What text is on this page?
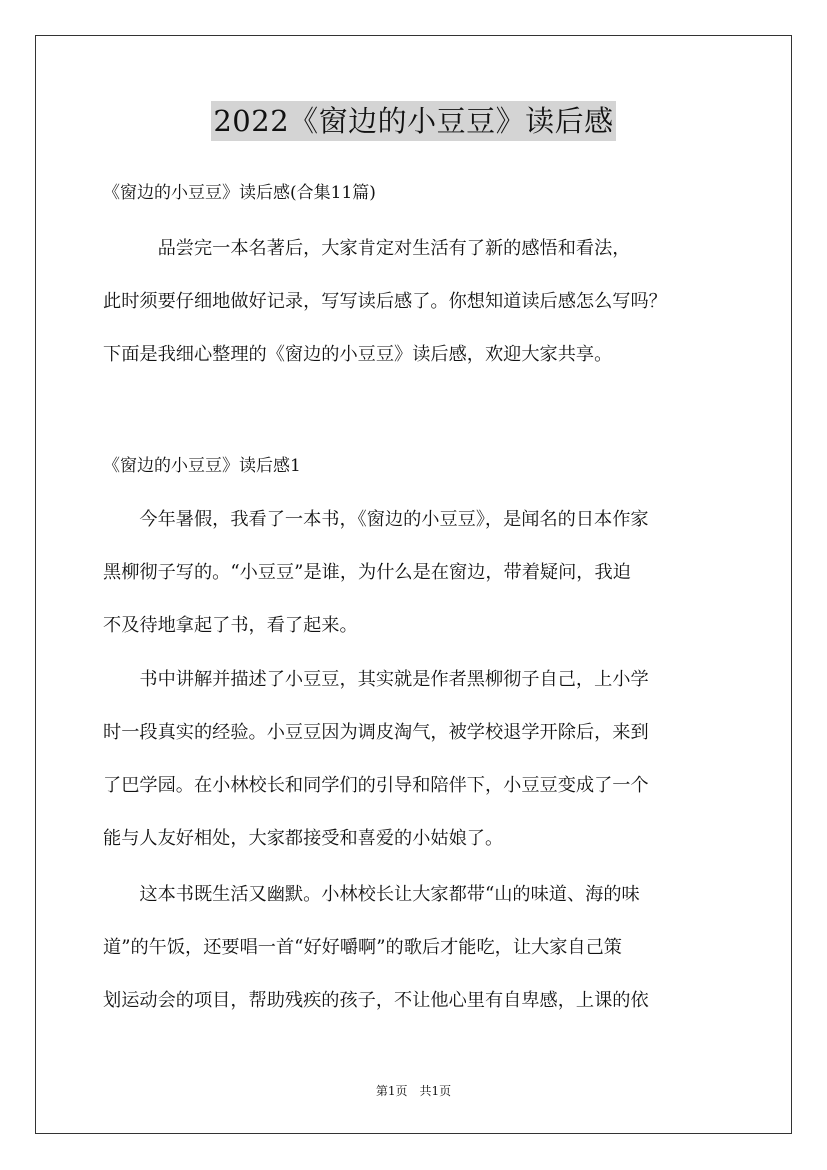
2022《窗边的小豆豆》读后感
《窗边的小豆豆》读后感(合集11篇)

　　　品尝完一本名著后，大家肯定对生活有了新的感悟和看法，
此时须要仔细地做好记录，写写读后感了。你想知道读后感怎么写吗？
下面是我细心整理的《窗边的小豆豆》读后感，欢迎大家共享。

《窗边的小豆豆》读后感1

　　今年暑假，我看了一本书，《窗边的小豆豆》，是闻名的日本作家
黑柳彻子写的。“小豆豆”是谁，为什么是在窗边，带着疑问，我迫
不及待地拿起了书，看了起来。

　　书中讲解并描述了小豆豆，其实就是作者黑柳彻子自己，上小学
时一段真实的经验。小豆豆因为调皮淘气，被学校退学开除后，来到
了巴学园。在小林校长和同学们的引导和陪伴下，小豆豆变成了一个
能与人友好相处，大家都接受和喜爱的小姑娘了。

　　这本书既生活又幽默。小林校长让大家都带“山的味道、海的味
道”的午饭，还要唱一首“好好嚼啊”的歌后才能吃，让大家自己策
划运动会的项目，帮助残疾的孩子，不让他心里有自卑感，上课的依

第1页　共1页
